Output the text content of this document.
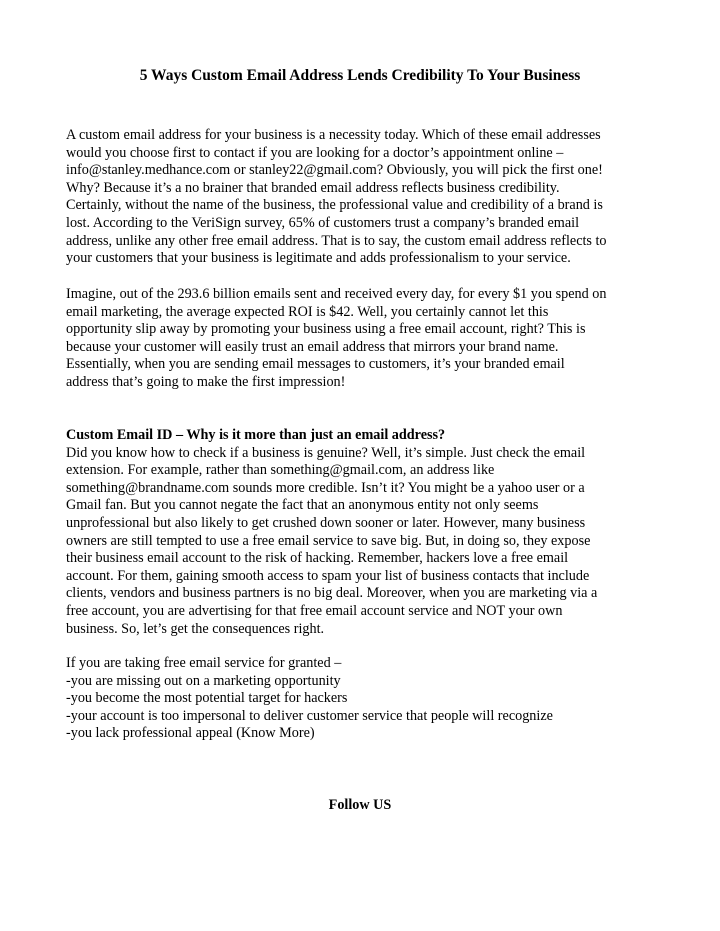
5 Ways Custom Email Address Lends Credibility To Your Business

A custom email address for your business is a necessity today. Which of these email addresses
would you choose first to contact if you are looking for a doctor’s appointment online –
info@stanley.medhance.com or stanley22@gmail.com? Obviously, you will pick the first one!
Why? Because it’s a no brainer that branded email address reflects business credibility.
Certainly, without the name of the business, the professional value and credibility of a brand is
lost. According to the VeriSign survey, 65% of customers trust a company’s branded email
address, unlike any other free email address. That is to say, the custom email address reflects to
your customers that your business is legitimate and adds professionalism to your service.

Imagine, out of the 293.6 billion emails sent and received every day, for every $1 you spend on
email marketing, the average expected ROI is $42. Well, you certainly cannot let this
opportunity slip away by promoting your business using a free email account, right? This is
because your customer will easily trust an email address that mirrors your brand name.
Essentially, when you are sending email messages to customers, it’s your branded email
address that’s going to make the first impression!

Custom Email ID – Why is it more than just an email address?
Did you know how to check if a business is genuine? Well, it’s simple. Just check the email
extension. For example, rather than something@gmail.com, an address like
something@brandname.com sounds more credible. Isn’t it? You might be a yahoo user or a
Gmail fan. But you cannot negate the fact that an anonymous entity not only seems
unprofessional but also likely to get crushed down sooner or later. However, many business
owners are still tempted to use a free email service to save big. But, in doing so, they expose
their business email account to the risk of hacking. Remember, hackers love a free email
account. For them, gaining smooth access to spam your list of business contacts that include
clients, vendors and business partners is no big deal. Moreover, when you are marketing via a
free account, you are advertising for that free email account service and NOT your own
business. So, let’s get the consequences right.

If you are taking free email service for granted –
-you are missing out on a marketing opportunity
-you become the most potential target for hackers
-your account is too impersonal to deliver customer service that people will recognize
-you lack professional appeal (Know More)

Follow US
